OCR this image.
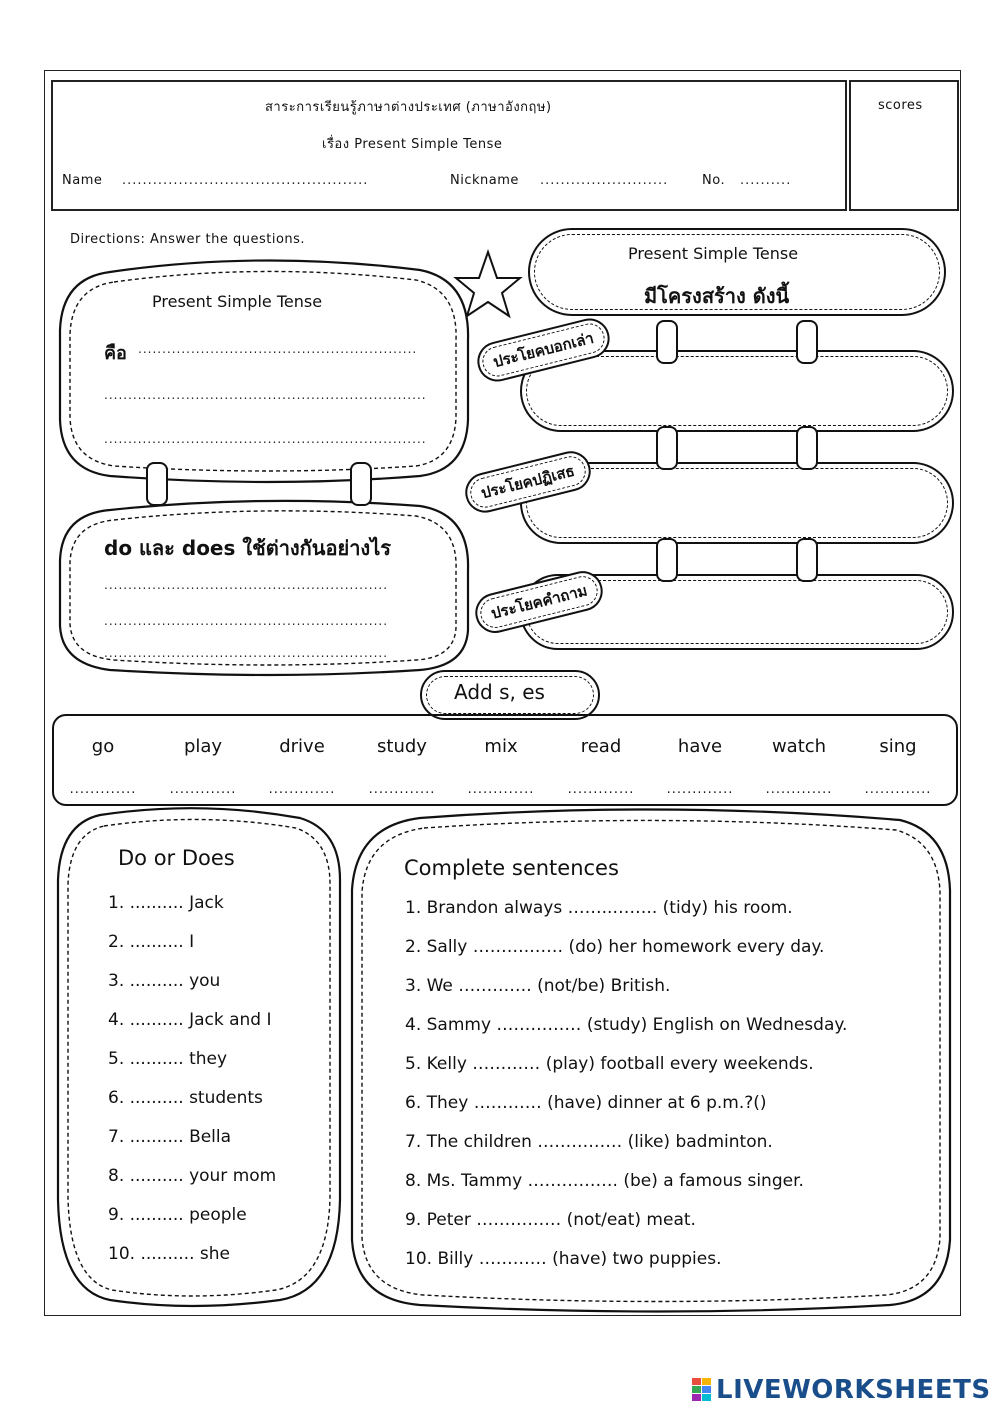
สาระการเรียนรู้ภาษาต่างประเทศ (ภาษาอังกฤษ)
เรื่อง Present Simple Tense
Name ................................................	Nickname .........................	No. ..........
scores
Directions: Answer the questions.
Present Simple Tense
คือ ..........................................................
...................................................................
...................................................................
do และ does ใช้ต่างกันอย่างไร
...........................................................
...........................................................
...........................................................
Present Simple Tense
มีโครงสร้าง ดังนี้
ประโยคบอกเล่า
ประโยคปฏิเสธ
ประโยคคำถาม
Add s, es
go	play	drive	study	mix	read	have	watch	sing
.............	.............	.............	.............	.............	.............	.............	.............	.............
Do or Does
1. .......... Jack
2. .......... I
3. .......... you
4. .......... Jack and I
5. .......... they
6. .......... students
7. .......... Bella
8. .......... your mom
9. .......... people
10. .......... she
Complete sentences
1. Brandon always ……..…….. (tidy) his room.
2. Sally ……….…… (do) her homework every day.
3. We …………. (not/be) British.
4. Sammy …………… (study) English on Wednesday.
5. Kelly ………… (play) football every weekends.
6. They ………… (have) dinner at 6 p.m.?()
7. The children …………… (like) badminton.
8. Ms. Tammy ……………. (be) a famous singer.
9. Peter …………… (not/eat) meat.
10. Billy ………… (have) two puppies.
LIVEWORKSHEETS
